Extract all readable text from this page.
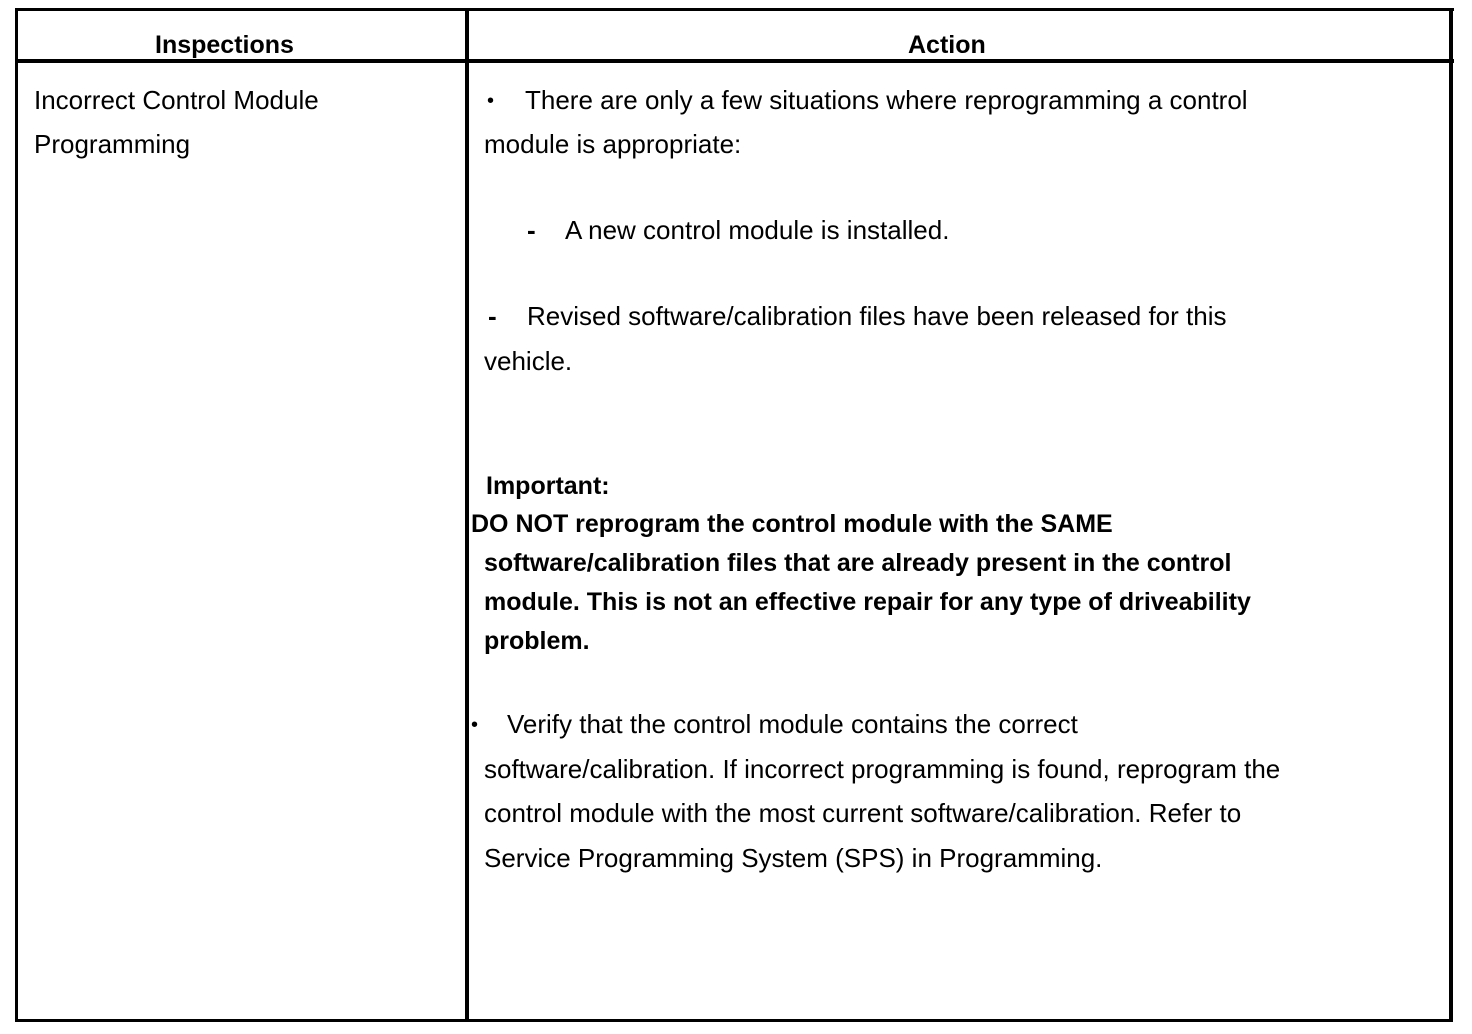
Inspections	Action
Incorrect Control Module
Programming
• There are only a few situations where reprogramming a control
module is appropriate:
- A new control module is installed.
- Revised software/calibration files have been released for this
vehicle.
Important:
DO NOT reprogram the control module with the SAME
software/calibration files that are already present in the control
module. This is not an effective repair for any type of driveability
problem.
• Verify that the control module contains the correct
software/calibration. If incorrect programming is found, reprogram the
control module with the most current software/calibration. Refer to
Service Programming System (SPS) in Programming.
